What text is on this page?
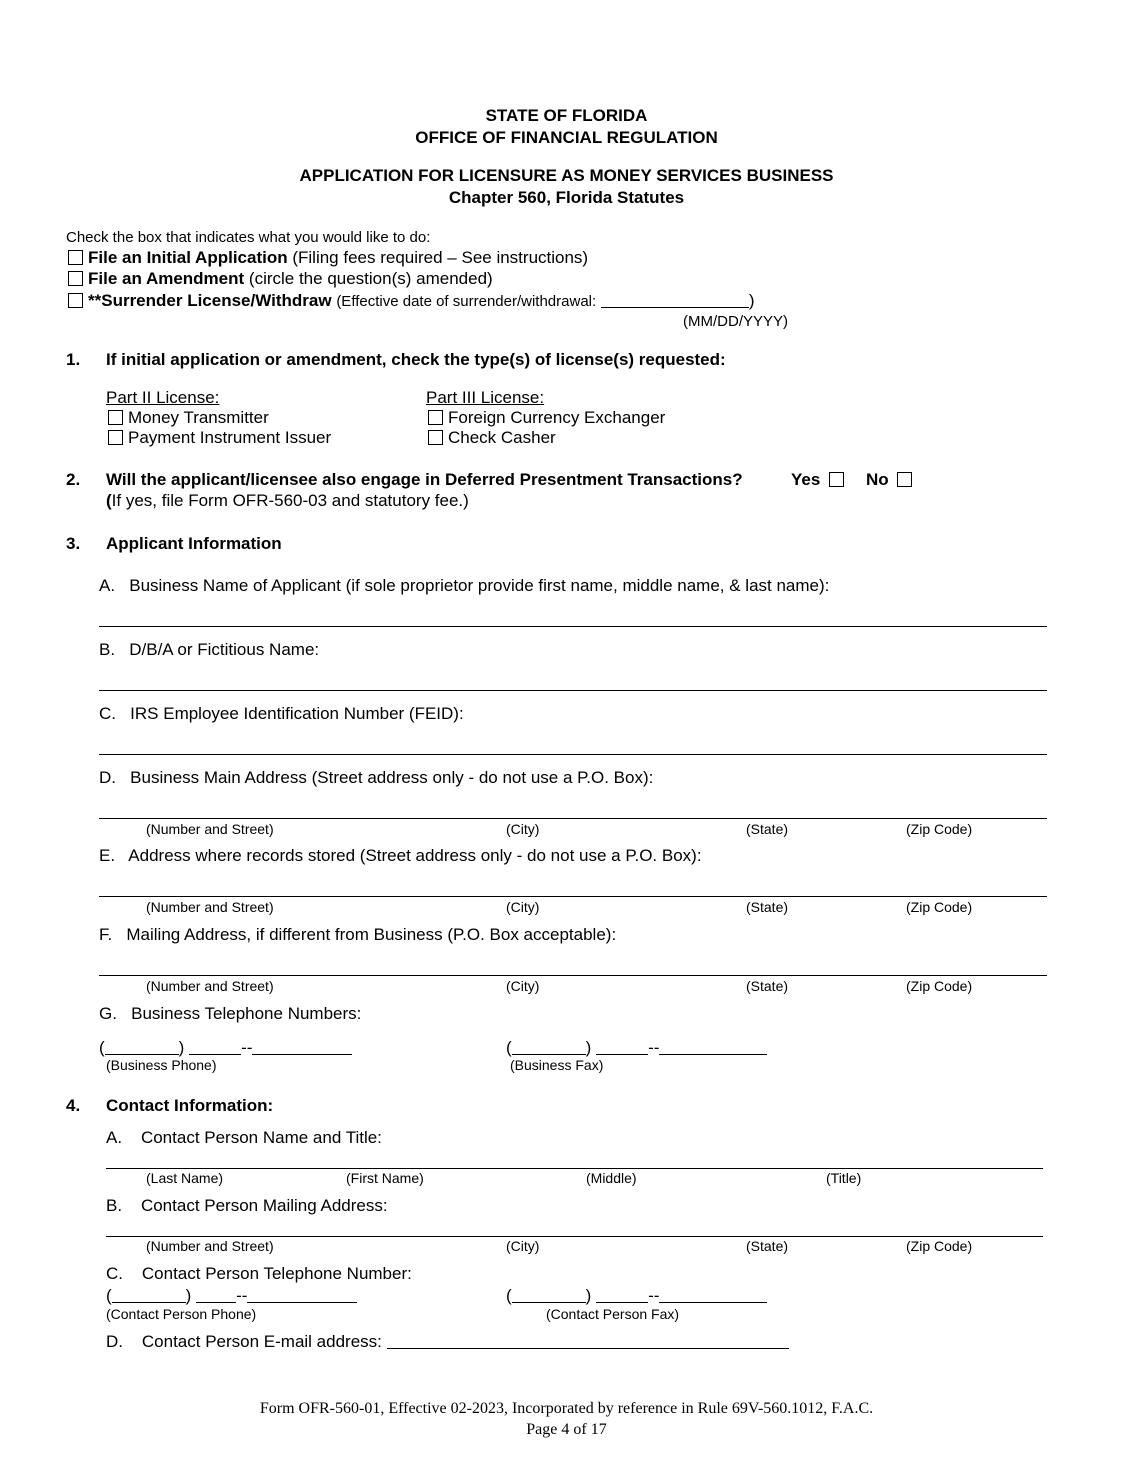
STATE OF FLORIDA
OFFICE OF FINANCIAL REGULATION
APPLICATION FOR LICENSURE AS MONEY SERVICES BUSINESS
Chapter 560, Florida Statutes
Check the box that indicates what you would like to do:
File an Initial Application (Filing fees required – See instructions)
File an Amendment (circle the question(s) amended)
**Surrender License/Withdraw (Effective date of surrender/withdrawal:	)
(MM/DD/YYYY)
1. If initial application or amendment, check the type(s) of license(s) requested:
Part II License:
Money Transmitter
Payment Instrument Issuer
Part III License:
Foreign Currency Exchanger
Check Casher
2. Will the applicant/licensee also engage in Deferred Presentment Transactions?	Yes	No
(If yes, file Form OFR-560-03 and statutory fee.)
3. Applicant Information
A.   Business Name of Applicant (if sole proprietor provide first name, middle name, & last name):
B.   D/B/A or Fictitious Name:
C.   IRS Employee Identification Number (FEID):
D.   Business Main Address (Street address only - do not use a P.O. Box):
(Number and Street)	(City)	(State)	(Zip Code)
E.   Address where records stored (Street address only - do not use a P.O. Box):
(Number and Street)	(City)	(State)	(Zip Code)
F.   Mailing Address, if different from Business (P.O. Box acceptable):
(Number and Street)	(City)	(State)	(Zip Code)
G.   Business Telephone Numbers:
(	)	--
(Business Phone)
(	)	--
(Business Fax)
4. Contact Information:
A.    Contact Person Name and Title:
(Last Name)	(First Name)	(Middle)	(Title)
B.    Contact Person Mailing Address:
(Number and Street)	(City)	(State)	(Zip Code)
C.    Contact Person Telephone Number:
(	) --
(Contact Person Phone)
(	)	--
(Contact Person Fax)
D.    Contact Person E-mail address:
Form OFR-560-01, Effective 02-2023, Incorporated by reference in Rule 69V-560.1012, F.A.C.
Page 4 of 17
